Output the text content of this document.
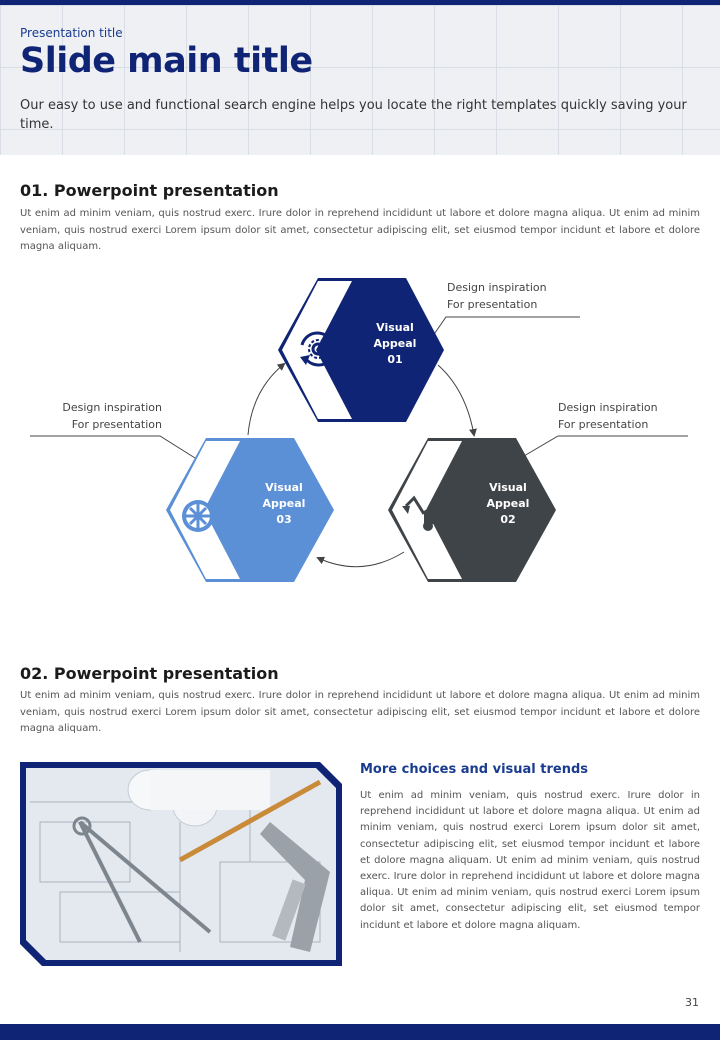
Presentation title
Slide main title
Our easy to use and functional search engine helps you locate the right templates quickly saving your time.
01. Powerpoint presentation
Ut enim ad minim veniam, quis nostrud exerc. Irure dolor in reprehend incididunt ut labore et dolore magna aliqua. Ut enim ad minim veniam, quis nostrud exerci Lorem ipsum dolor sit amet, consectetur adipiscing elit, set eiusmod tempor incidunt et labore et dolore magna aliquam.
Visual
Appeal
01
Visual
Appeal
02
Visual
Appeal
03
Design inspiration
For presentation
Design inspiration
For presentation
Design inspiration
For presentation
02. Powerpoint presentation
Ut enim ad minim veniam, quis nostrud exerc. Irure dolor in reprehend incididunt ut labore et dolore magna aliqua. Ut enim ad minim veniam, quis nostrud exerci Lorem ipsum dolor sit amet, consectetur adipiscing elit, set eiusmod tempor incidunt et labore et dolore magna aliquam.
More choices and visual trends
Ut enim ad minim veniam, quis nostrud exerc. Irure dolor in reprehend incididunt ut labore et dolore magna aliqua. Ut enim ad minim veniam, quis nostrud exerci Lorem ipsum dolor sit amet, consectetur adipiscing elit, set eiusmod tempor incidunt et labore et dolore magna aliquam. Ut enim ad minim veniam, quis nostrud exerc. Irure dolor in reprehend incididunt ut labore et dolore magna aliqua. Ut enim ad minim veniam, quis nostrud exerci Lorem ipsum dolor sit amet, consectetur adipiscing elit, set eiusmod tempor incidunt et labore et dolore magna aliquam.
31
